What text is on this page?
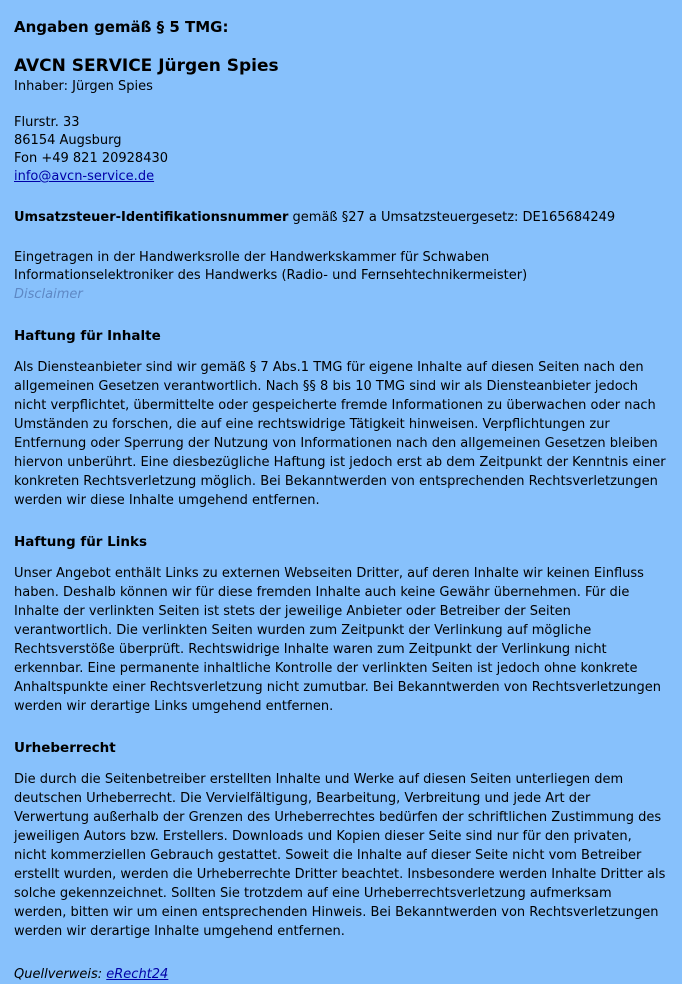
Angaben gemäß § 5 TMG:
AVCN SERVICE Jürgen Spies
Inhaber: Jürgen Spies
Flurstr. 33
86154 Augsburg
Fon +49 821 20928430
info@avcn-service.de

Umsatzsteuer-Identifikationsnummer gemäß §27 a Umsatzsteuergesetz: DE165684249

Eingetragen in der Handwerksrolle der Handwerkskammer für Schwaben
Informationselektroniker des Handwerks (Radio- und Fernsehtechnikermeister)
Disclaimer
Haftung für Inhalte

Als Diensteanbieter sind wir gemäß § 7 Abs.1 TMG für eigene Inhalte auf diesen Seiten nach den allgemeinen Gesetzen verantwortlich. Nach §§ 8 bis 10 TMG sind wir als Diensteanbieter jedoch nicht verpflichtet, übermittelte oder gespeicherte fremde Informationen zu überwachen oder nach Umständen zu forschen, die auf eine rechtswidrige Tätigkeit hinweisen. Verpflichtungen zur Entfernung oder Sperrung der Nutzung von Informationen nach den allgemeinen Gesetzen bleiben hiervon unberührt. Eine diesbezügliche Haftung ist jedoch erst ab dem Zeitpunkt der Kenntnis einer konkreten Rechtsverletzung möglich. Bei Bekanntwerden von entsprechenden Rechtsverletzungen werden wir diese Inhalte umgehend entfernen.

Haftung für Links

Unser Angebot enthält Links zu externen Webseiten Dritter, auf deren Inhalte wir keinen Einfluss haben. Deshalb können wir für diese fremden Inhalte auch keine Gewähr übernehmen. Für die Inhalte der verlinkten Seiten ist stets der jeweilige Anbieter oder Betreiber der Seiten verantwortlich. Die verlinkten Seiten wurden zum Zeitpunkt der Verlinkung auf mögliche Rechtsverstöße überprüft. Rechtswidrige Inhalte waren zum Zeitpunkt der Verlinkung nicht erkennbar. Eine permanente inhaltliche Kontrolle der verlinkten Seiten ist jedoch ohne konkrete Anhaltspunkte einer Rechtsverletzung nicht zumutbar. Bei Bekanntwerden von Rechtsverletzungen werden wir derartige Links umgehend entfernen.

Urheberrecht

Die durch die Seitenbetreiber erstellten Inhalte und Werke auf diesen Seiten unterliegen dem deutschen Urheberrecht. Die Vervielfältigung, Bearbeitung, Verbreitung und jede Art der Verwertung außerhalb der Grenzen des Urheberrechtes bedürfen der schriftlichen Zustimmung des jeweiligen Autors bzw. Erstellers. Downloads und Kopien dieser Seite sind nur für den privaten, nicht kommerziellen Gebrauch gestattet. Soweit die Inhalte auf dieser Seite nicht vom Betreiber erstellt wurden, werden die Urheberrechte Dritter beachtet. Insbesondere werden Inhalte Dritter als solche gekennzeichnet. Sollten Sie trotzdem auf eine Urheberrechtsverletzung aufmerksam werden, bitten wir um einen entsprechenden Hinweis. Bei Bekanntwerden von Rechtsverletzungen werden wir derartige Inhalte umgehend entfernen.

Quellverweis: eRecht24
